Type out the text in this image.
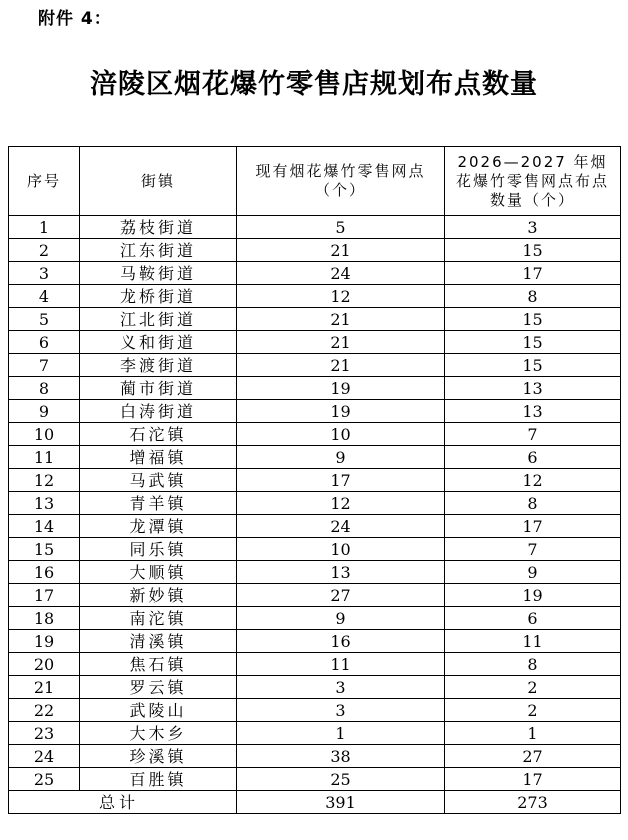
附件 4：
涪陵区烟花爆竹零售店规划布点数量
序号	街镇	现有烟花爆竹零售网点（个）	2026—2027 年烟花爆竹零售网点布点数量（个）
1	荔枝街道	5	3
2	江东街道	21	15
3	马鞍街道	24	17
4	龙桥街道	12	8
5	江北街道	21	15
6	义和街道	21	15
7	李渡街道	21	15
8	蔺市街道	19	13
9	白涛街道	19	13
10	石沱镇	10	7
11	增福镇	9	6
12	马武镇	17	12
13	青羊镇	12	8
14	龙潭镇	24	17
15	同乐镇	10	7
16	大顺镇	13	9
17	新妙镇	27	19
18	南沱镇	9	6
19	清溪镇	16	11
20	焦石镇	11	8
21	罗云镇	3	2
22	武陵山	3	2
23	大木乡	1	1
24	珍溪镇	38	27
25	百胜镇	25	17
总计		391	273
